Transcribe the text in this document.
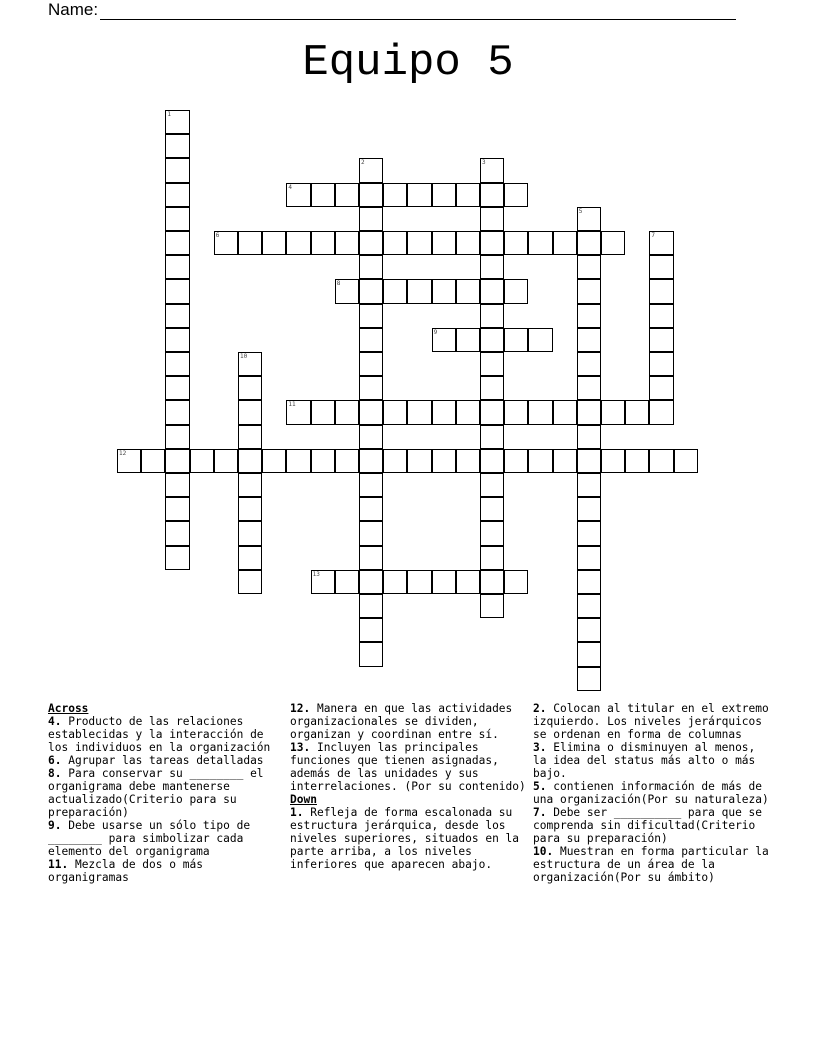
Name:
Equipo 5
1
2	3
4
5
6	7
8
9
10
11
12
13
Across
4. Producto de las relaciones establecidas y la interacción de los individuos en la organización
6. Agrupar las tareas detalladas
8. Para conservar su ________ el organigrama debe mantenerse actualizado(Criterio para su preparación)
9. Debe usarse un sólo tipo de ________ para simbolizar cada elemento del organigrama
11. Mezcla de dos o más organigramas
12. Manera en que las actividades organizacionales se dividen, organizan y coordinan entre sí.
13. Incluyen las principales funciones que tienen asignadas, además de las unidades y sus interrelaciones. (Por su contenido)
Down
1. Refleja de forma escalonada su estructura jerárquica, desde los niveles superiores, situados en la parte arriba, a los niveles inferiores que aparecen abajo.
2. Colocan al titular en el extremo izquierdo. Los niveles jerárquicos se ordenan en forma de columnas
3. Elimina o disminuyen al menos, la idea del status más alto o más bajo.
5. contienen información de más de una organización(Por su naturaleza)
7. Debe ser __________ para que se comprenda sin dificultad(Criterio para su preparación)
10. Muestran en forma particular la estructura de un área de la organización(Por su ámbito)
